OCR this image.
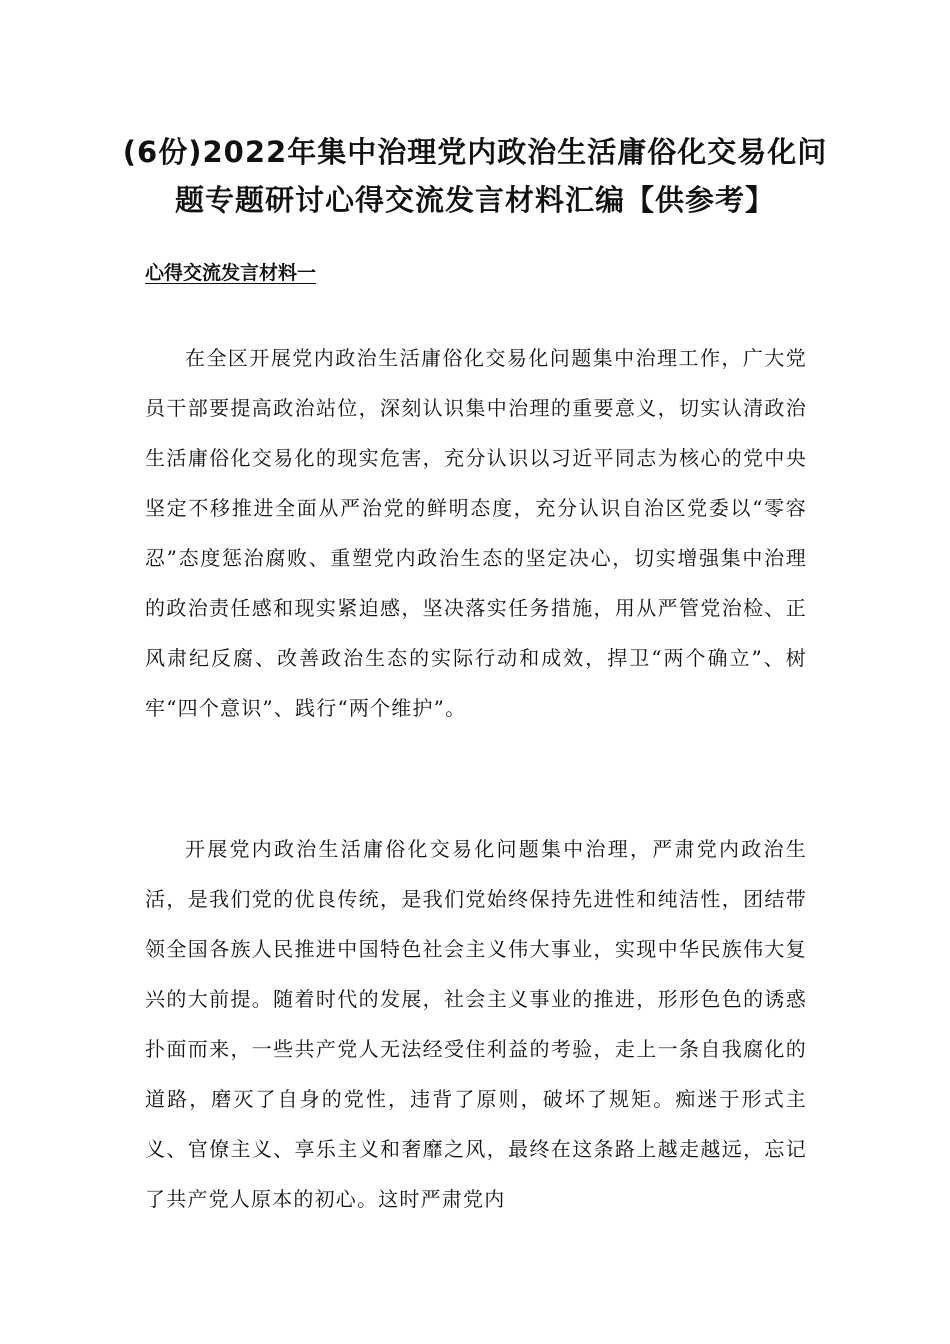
(6份)2022年集中治理党内政治生活庸俗化交易化问题专题研讨心得交流发言材料汇编【供参考】
心得交流发言材料一

在全区开展党内政治生活庸俗化交易化问题集中治理工作，广大党员干部要提高政治站位，深刻认识集中治理的重要意义，切实认清政治生活庸俗化交易化的现实危害，充分认识以习近平同志为核心的党中央坚定不移推进全面从严治党的鲜明态度，充分认识自治区党委以“零容忍”态度惩治腐败、重塑党内政治生态的坚定决心，切实增强集中治理的政治责任感和现实紧迫感，坚决落实任务措施，用从严管党治检、正风肃纪反腐、改善政治生态的实际行动和成效，捍卫“两个确立”、树牢“四个意识”、践行“两个维护”。

开展党内政治生活庸俗化交易化问题集中治理，严肃党内政治生活，是我们党的优良传统，是我们党始终保持先进性和纯洁性，团结带领全国各族人民推进中国特色社会主义伟大事业，实现中华民族伟大复兴的大前提。随着时代的发展，社会主义事业的推进，形形色色的诱惑扑面而来，一些共产党人无法经受住利益的考验，走上一条自我腐化的道路，磨灭了自身的党性，违背了原则，破坏了规矩。痴迷于形式主义、官僚主义、享乐主义和奢靡之风，最终在这条路上越走越远，忘记了共产党人原本的初心。这时严肃党内
